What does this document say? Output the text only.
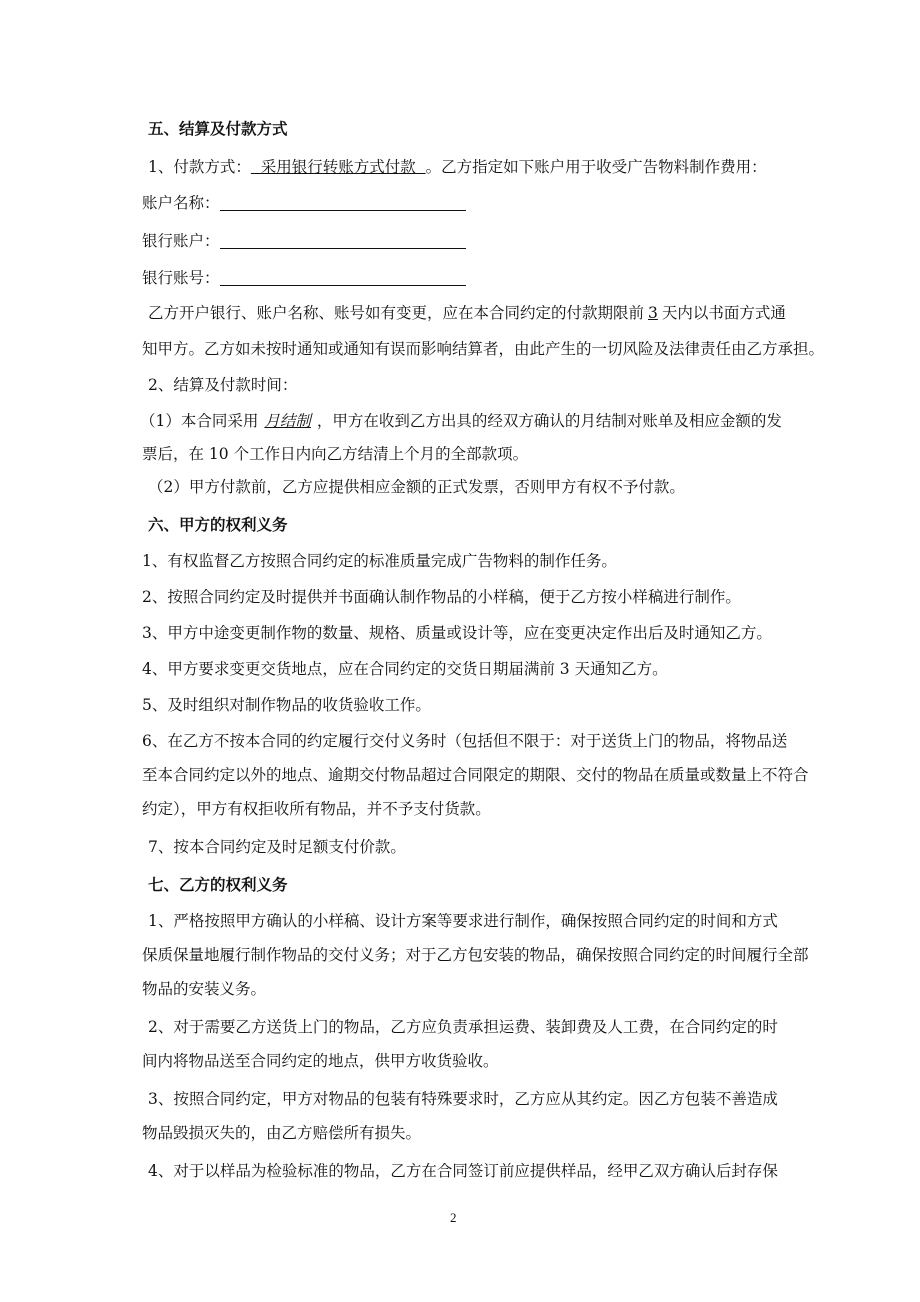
五、结算及付款方式
1、付款方式：  采用银行转账方式付款  。乙方指定如下账户用于收受广告物料制作费用：
账户名称：
银行账户：
银行账号：
乙方开户银行、账户名称、账号如有变更，应在本合同约定的付款期限前 3 天内以书面方式通
知甲方。乙方如未按时通知或通知有误而影响结算者，由此产生的一切风险及法律责任由乙方承担。
2、结算及付款时间：
（1）本合同采用 月结制 ，甲方在收到乙方出具的经双方确认的月结制对账单及相应金额的发
票后，在 10 个工作日内向乙方结清上个月的全部款项。
（2）甲方付款前，乙方应提供相应金额的正式发票，否则甲方有权不予付款。
六、甲方的权利义务
1、有权监督乙方按照合同约定的标准质量完成广告物料的制作任务。
2、按照合同约定及时提供并书面确认制作物品的小样稿，便于乙方按小样稿进行制作。
3、甲方中途变更制作物的数量、规格、质量或设计等，应在变更决定作出后及时通知乙方。
4、甲方要求变更交货地点，应在合同约定的交货日期届满前 3 天通知乙方。
5、及时组织对制作物品的收货验收工作。
6、在乙方不按本合同的约定履行交付义务时（包括但不限于：对于送货上门的物品，将物品送
至本合同约定以外的地点、逾期交付物品超过合同限定的期限、交付的物品在质量或数量上不符合
约定），甲方有权拒收所有物品，并不予支付货款。
7、按本合同约定及时足额支付价款。
七、乙方的权利义务
1、严格按照甲方确认的小样稿、设计方案等要求进行制作，确保按照合同约定的时间和方式
保质保量地履行制作物品的交付义务；对于乙方包安装的物品，确保按照合同约定的时间履行全部
物品的安装义务。
2、对于需要乙方送货上门的物品，乙方应负责承担运费、装卸费及人工费，在合同约定的时
间内将物品送至合同约定的地点，供甲方收货验收。
3、按照合同约定，甲方对物品的包装有特殊要求时，乙方应从其约定。因乙方包装不善造成
物品毁损灭失的，由乙方赔偿所有损失。
4、对于以样品为检验标准的物品，乙方在合同签订前应提供样品，经甲乙双方确认后封存保
2
